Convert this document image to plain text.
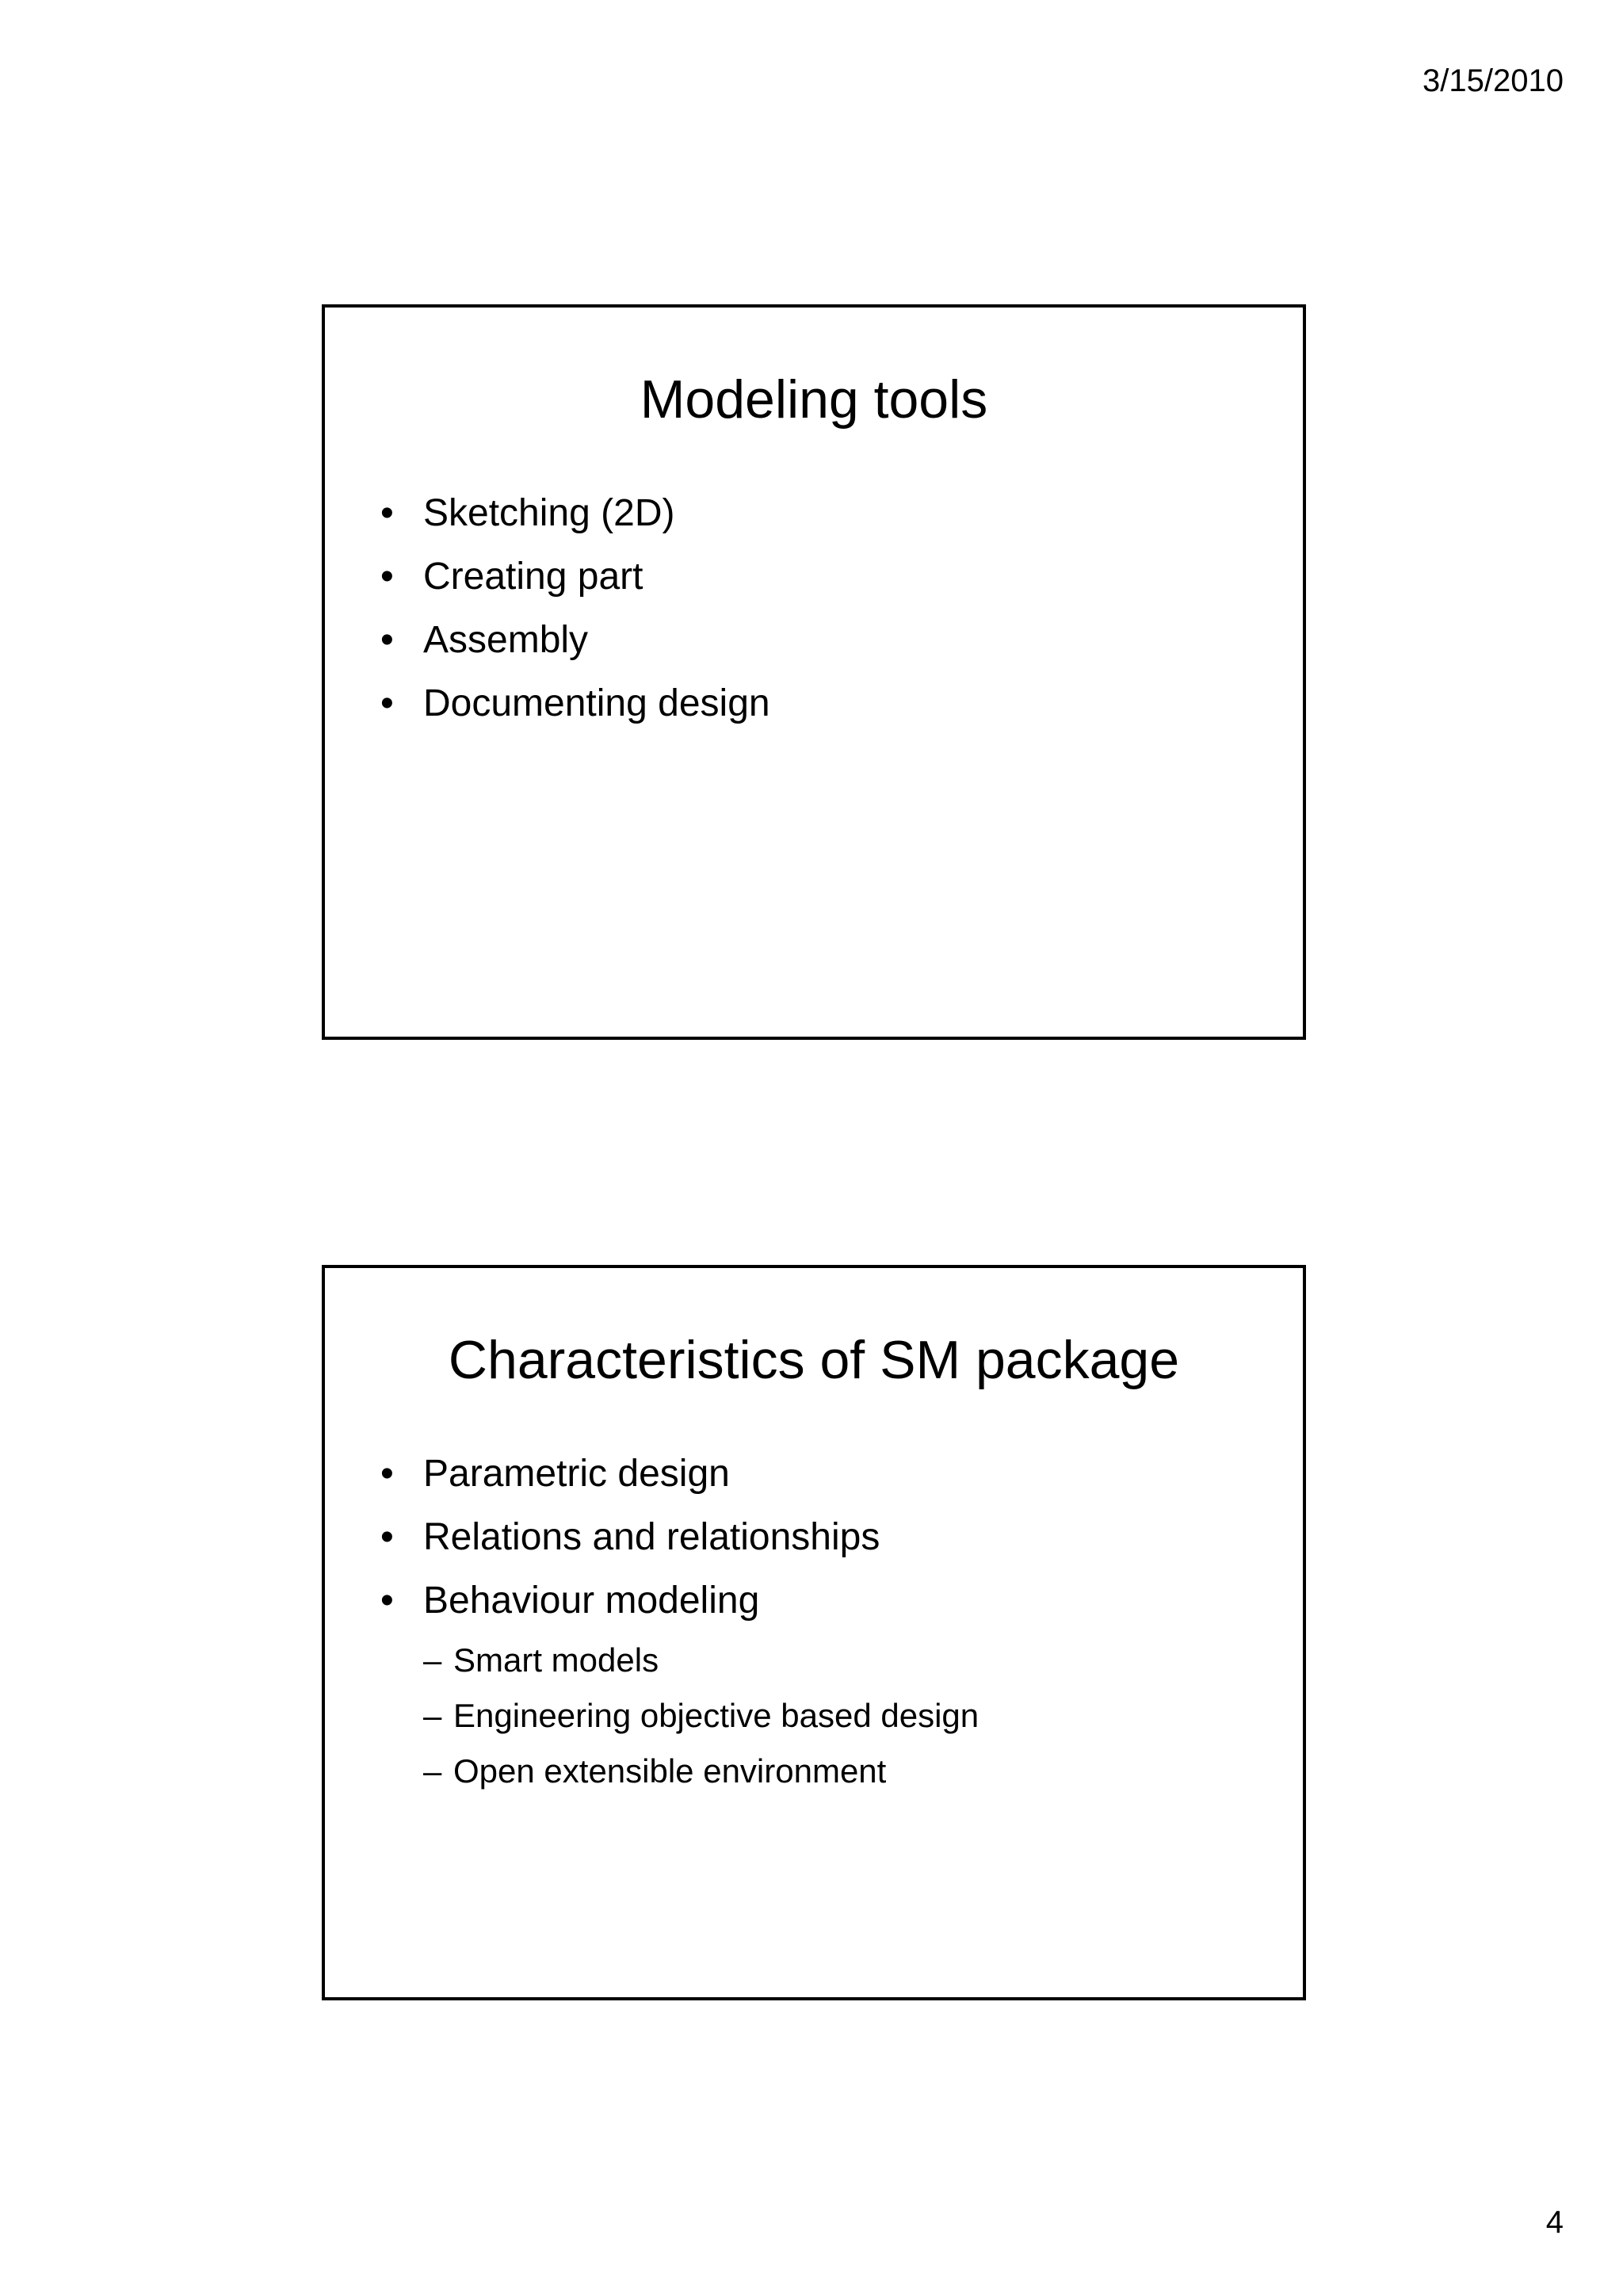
3/15/2010
Modeling tools
• Sketching (2D)
• Creating part
• Assembly
• Documenting design
Characteristics of SM package
• Parametric design
• Relations and relationships
• Behaviour modeling
– Smart models
– Engineering objective based design
– Open extensible environment
4
